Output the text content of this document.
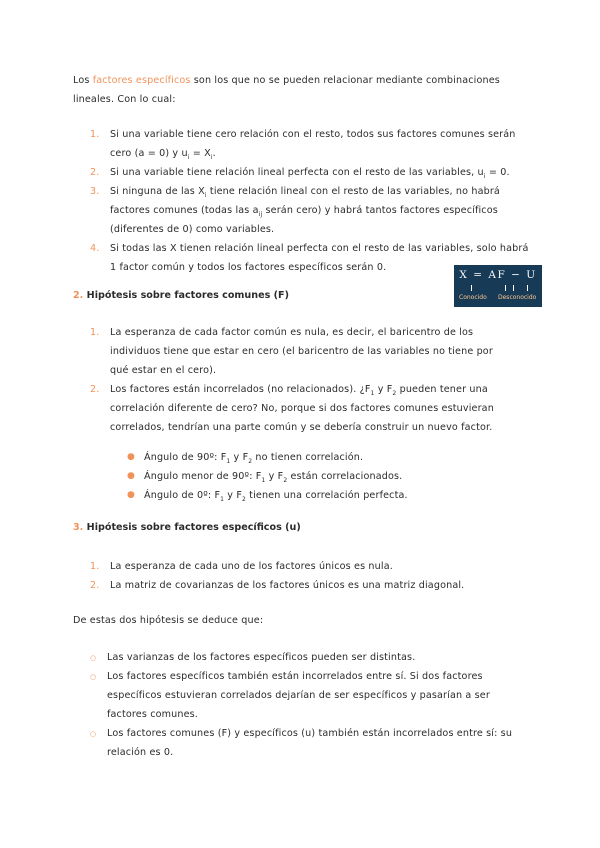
Los factores específicos son los que no se pueden relacionar mediante combinaciones lineales. Con lo cual:

1. Si una variable tiene cero relación con el resto, todos sus factores comunes serán cero (a = 0) y $u_i = X_i$.
2. Si una variable tiene relación lineal perfecta con el resto de las variables, $u_i = 0$.
3. Si ninguna de las $X_i$ tiene relación lineal con el resto de las variables, no habrá factores comunes (todas las $a_{ij}$ serán cero) y habrá tantos factores específicos (diferentes de 0) como variables.
4. Si todas las X tienen relación lineal perfecta con el resto de las variables, solo habrá 1 factor común y todos los factores específicos serán 0.
X = AF − U
Conocido Desconocido
2. Hipótesis sobre factores comunes (F)
1. La esperanza de cada factor común es nula, es decir, el baricentro de los individuos tiene que estar en cero (el baricentro de las variables no tiene por qué estar en el cero).
2. Los factores están incorrelados (no relacionados). ¿$F_1$ y $F_2$ pueden tener una correlación diferente de cero? No, porque si dos factores comunes estuvieran correlados, tendrían una parte común y se debería construir un nuevo factor.
● Ángulo de 90º: $F_1$ y $F_2$ no tienen correlación.
● Ángulo menor de 90º: $F_1$ y $F_2$ están correlacionados.
● Ángulo de 0º: $F_1$ y $F_2$ tienen una correlación perfecta.
3. Hipótesis sobre factores específicos (u)
1. La esperanza de cada uno de los factores únicos es nula.
2. La matriz de covarianzas de los factores únicos es una matriz diagonal.

De estas dos hipótesis se deduce que:

○ Las varianzas de los factores específicos pueden ser distintas.
○ Los factores específicos también están incorrelados entre sí. Si dos factores específicos estuvieran correlados dejarían de ser específicos y pasarían a ser factores comunes.
○ Los factores comunes (F) y específicos (u) también están incorrelados entre sí: su relación es 0.
